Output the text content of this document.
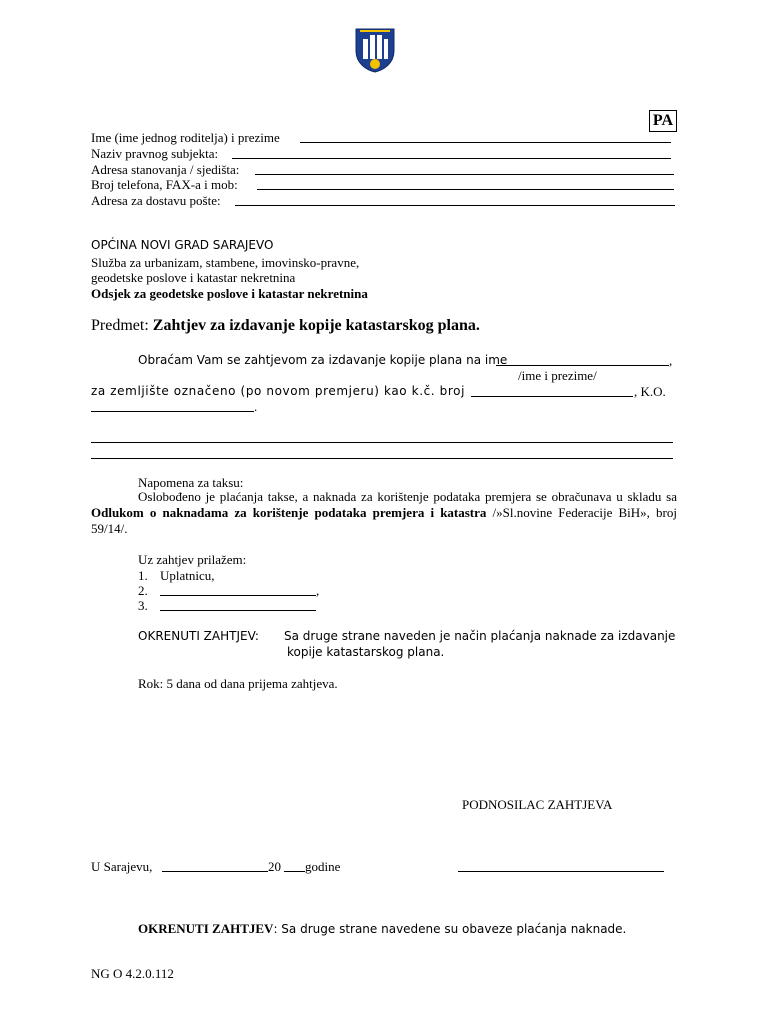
PA
Ime (ime jednog roditelja) i prezime
Naziv pravnog subjekta:
Adresa stanovanja / sjedišta:
Broj telefona, FAX-a i mob:
Adresa za dostavu pošte:
OPĆINA NOVI GRAD SARAJEVO
Služba za urbanizam, stambene, imovinsko-pravne,
geodetske poslove i katastar nekretnina
Odsjek za geodetske poslove i katastar nekretnina
Predmet: Zahtjev za izdavanje kopije katastarskog plana.
Obraćam Vam se zahtjevom za izdavanje kopije plana na ime	,
/ime i prezime/
za zemljište označeno (po novom premjeru) kao k.č. broj	, K.O.
.
Napomena za taksu:
Oslobođeno je plaćanja takse, a naknada za korištenje podataka premjera se obračunava u skladu sa Odlukom o naknadama za korištenje podataka premjera i katastra /»Sl.novine Federacije BiH», broj 59/14/.
Uz zahtjev prilažem:
1. Uplatnicu,
2.	,
3.
OKRENUTI ZAHTJEV: Sa druge strane naveden je način plaćanja naknade za izdavanje
kopije katastarskog plana.
Rok: 5 dana od dana prijema zahtjeva.
PODNOSILAC ZAHTJEVA
U Sarajevu,	20 godine
OKRENUTI ZAHTJEV: Sa druge strane navedene su obaveze plaćanja naknade.
NG O 4.2.0.112
